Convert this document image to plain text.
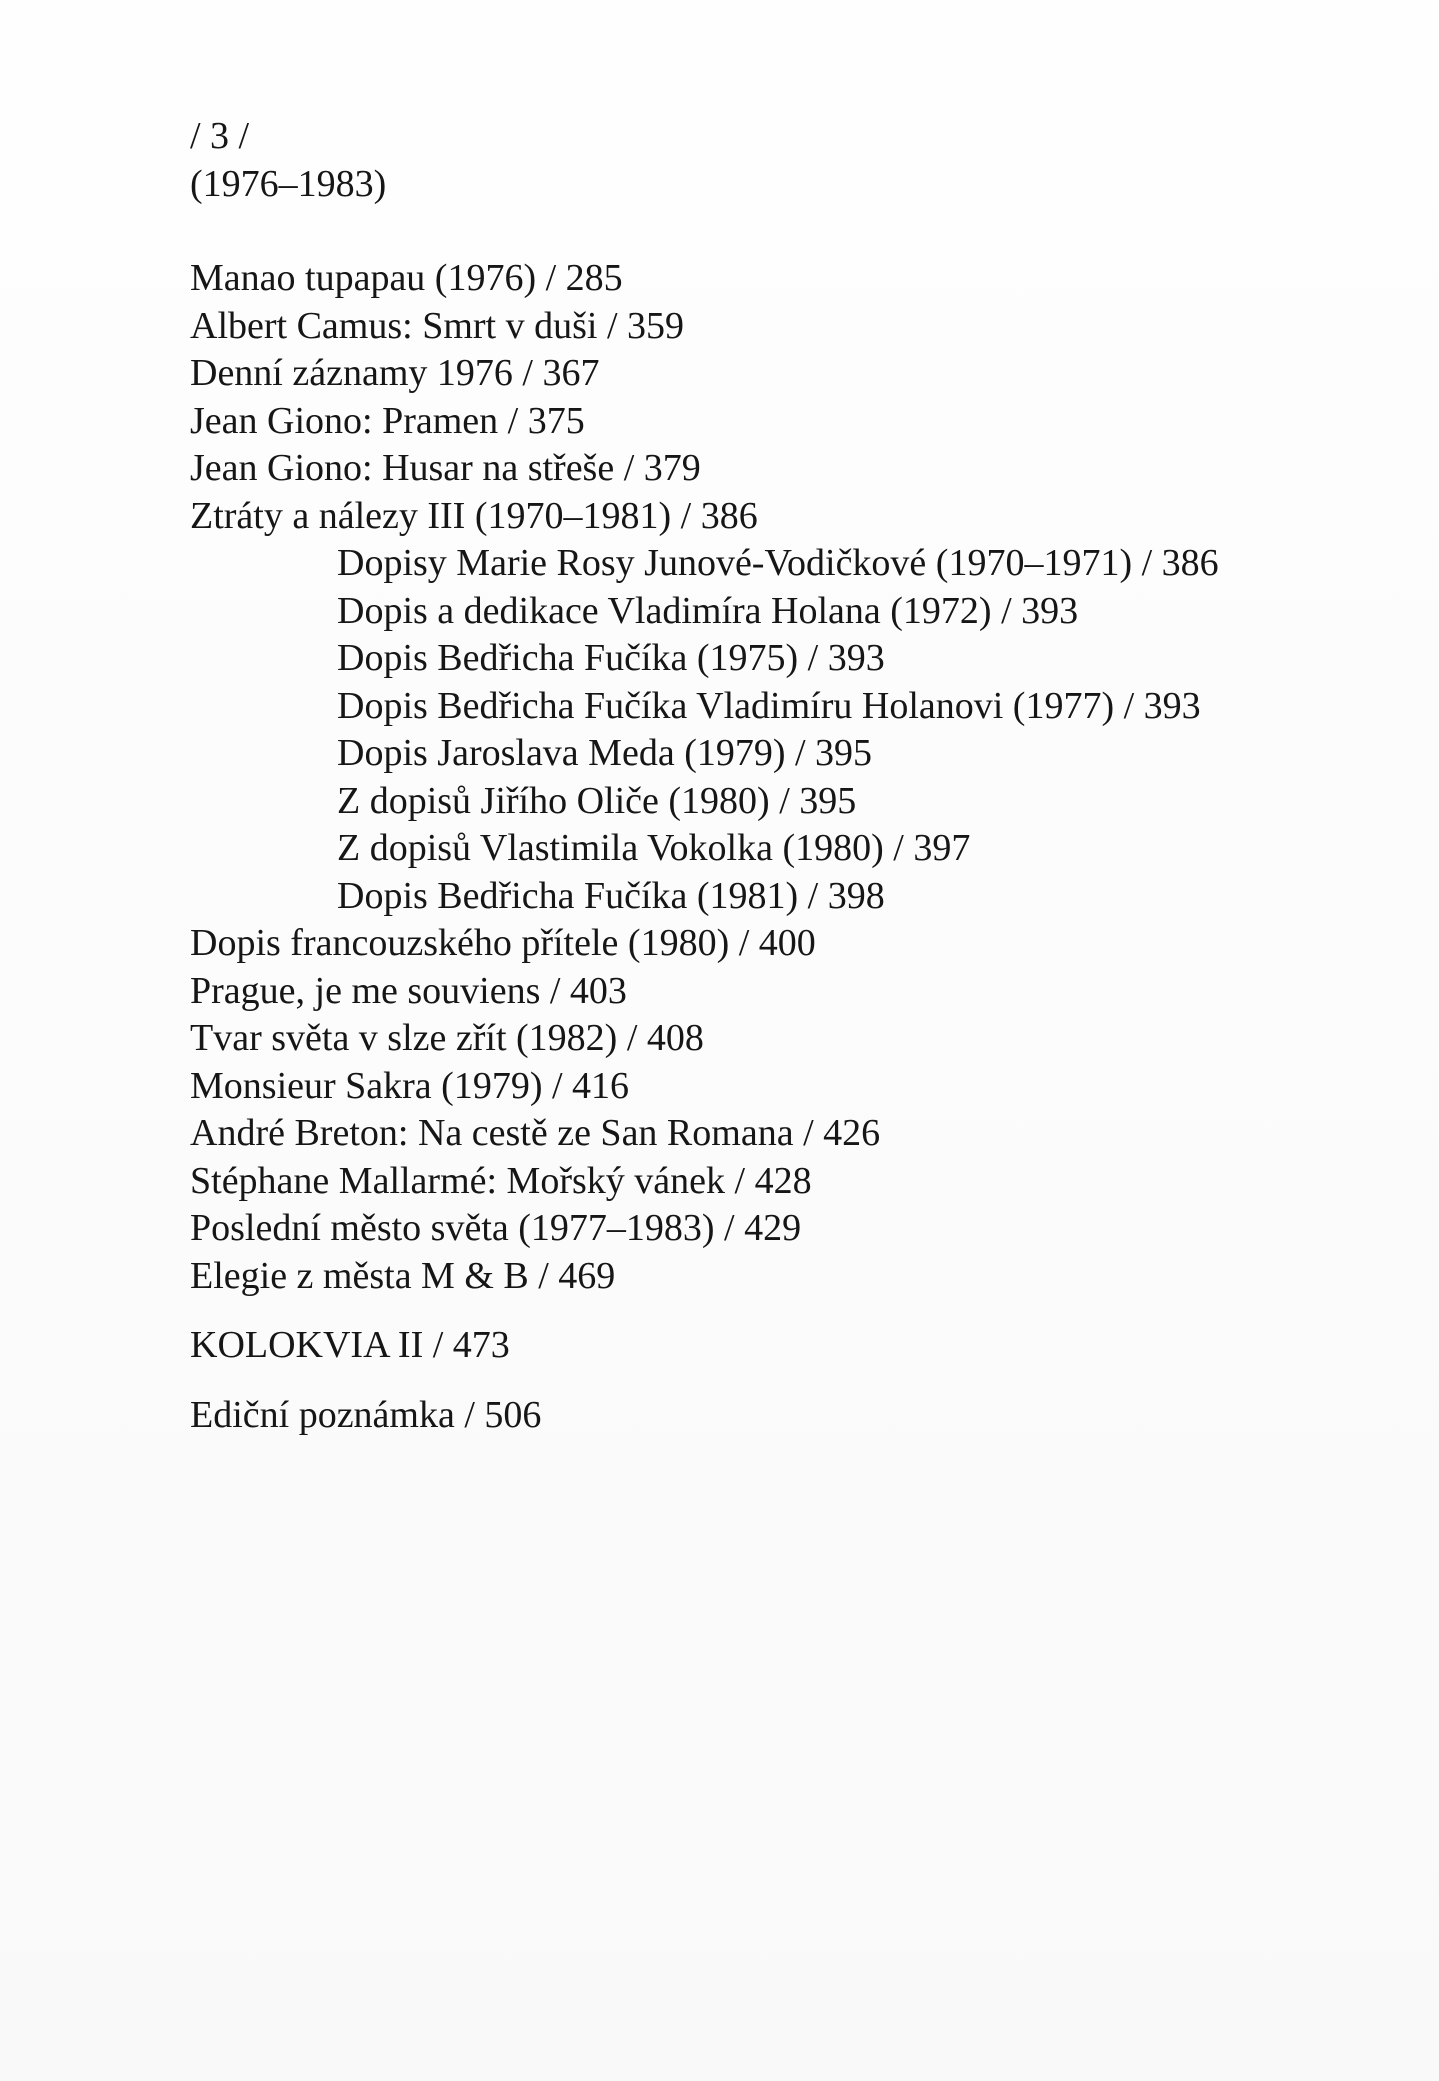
/ 3 /
(1976–1983)
Manao tupapau (1976) / 285
Albert Camus: Smrt v duši / 359
Denní záznamy 1976 / 367
Jean Giono: Pramen / 375
Jean Giono: Husar na střeše / 379
Ztráty a nálezy III (1970–1981) / 386
Dopisy Marie Rosy Junové-Vodičkové (1970–1971) / 386
Dopis a dedikace Vladimíra Holana (1972) / 393
Dopis Bedřicha Fučíka (1975) / 393
Dopis Bedřicha Fučíka Vladimíru Holanovi (1977) / 393
Dopis Jaroslava Meda (1979) / 395
Z dopisů Jiřího Oliče (1980) / 395
Z dopisů Vlastimila Vokolka (1980) / 397
Dopis Bedřicha Fučíka (1981) / 398
Dopis francouzského přítele (1980) / 400
Prague, je me souviens / 403
Tvar světa v slze zřít (1982) / 408
Monsieur Sakra (1979) / 416
André Breton: Na cestě ze San Romana / 426
Stéphane Mallarmé: Mořský vánek / 428
Poslední město světa (1977–1983) / 429
Elegie z města M & B / 469
KOLOKVIA II / 473
Ediční poznámka / 506
